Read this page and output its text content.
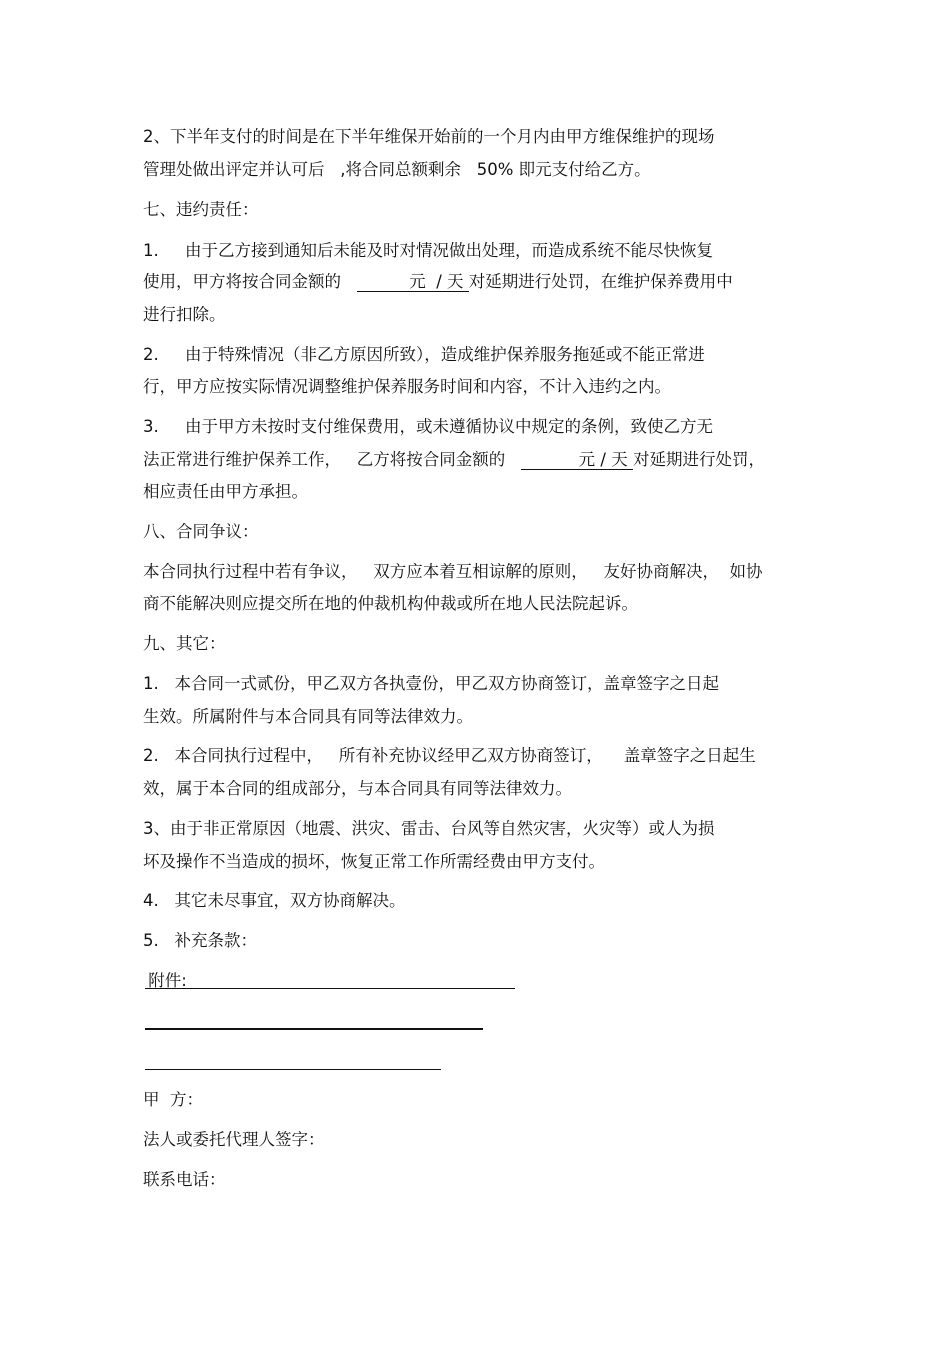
2、下半年支付的时间是在下半年维保开始前的一个月内由甲方维保维护的现场
管理处做出评定并认可后   ,将合同总额剩余   50% 即元支付给乙方。
七、违约责任：
1.     由于乙方接到通知后未能及时对情况做出处理，而造成系统不能尽快恢复
使用，甲方将按合同金额的             元  / 天 对延期进行处罚，在维护保养费用中
进行扣除。
2.     由于特殊情况（非乙方原因所致），造成维护保养服务拖延或不能正常进
行，甲方应按实际情况调整维护保养服务时间和内容，不计入违约之内。
3.     由于甲方未按时支付维保费用，或未遵循协议中规定的条例，致使乙方无
法正常进行维护保养工作，   乙方将按合同金额的              元 / 天 对延期进行处罚，
相应责任由甲方承担。
八、合同争议：
本合同执行过程中若有争议，   双方应本着互相谅解的原则，   友好协商解决，  如协
商不能解决则应提交所在地的仲裁机构仲裁或所在地人民法院起诉。
九、其它：
1.   本合同一式贰份，甲乙双方各执壹份，甲乙双方协商签订，盖章签字之日起
生效。所属附件与本合同具有同等法律效力。
2.   本合同执行过程中，   所有补充协议经甲乙双方协商签订，    盖章签字之日起生
效，属于本合同的组成部分，与本合同具有同等法律效力。
3、由于非正常原因（地震、洪灾、雷击、台风等自然灾害，火灾等）或人为损
坏及操作不当造成的损坏，恢复正常工作所需经费由甲方支付。
4.   其它未尽事宜，双方协商解决。
5.   补充条款：
附件:
甲  方：
法人或委托代理人签字：
联系电话：
